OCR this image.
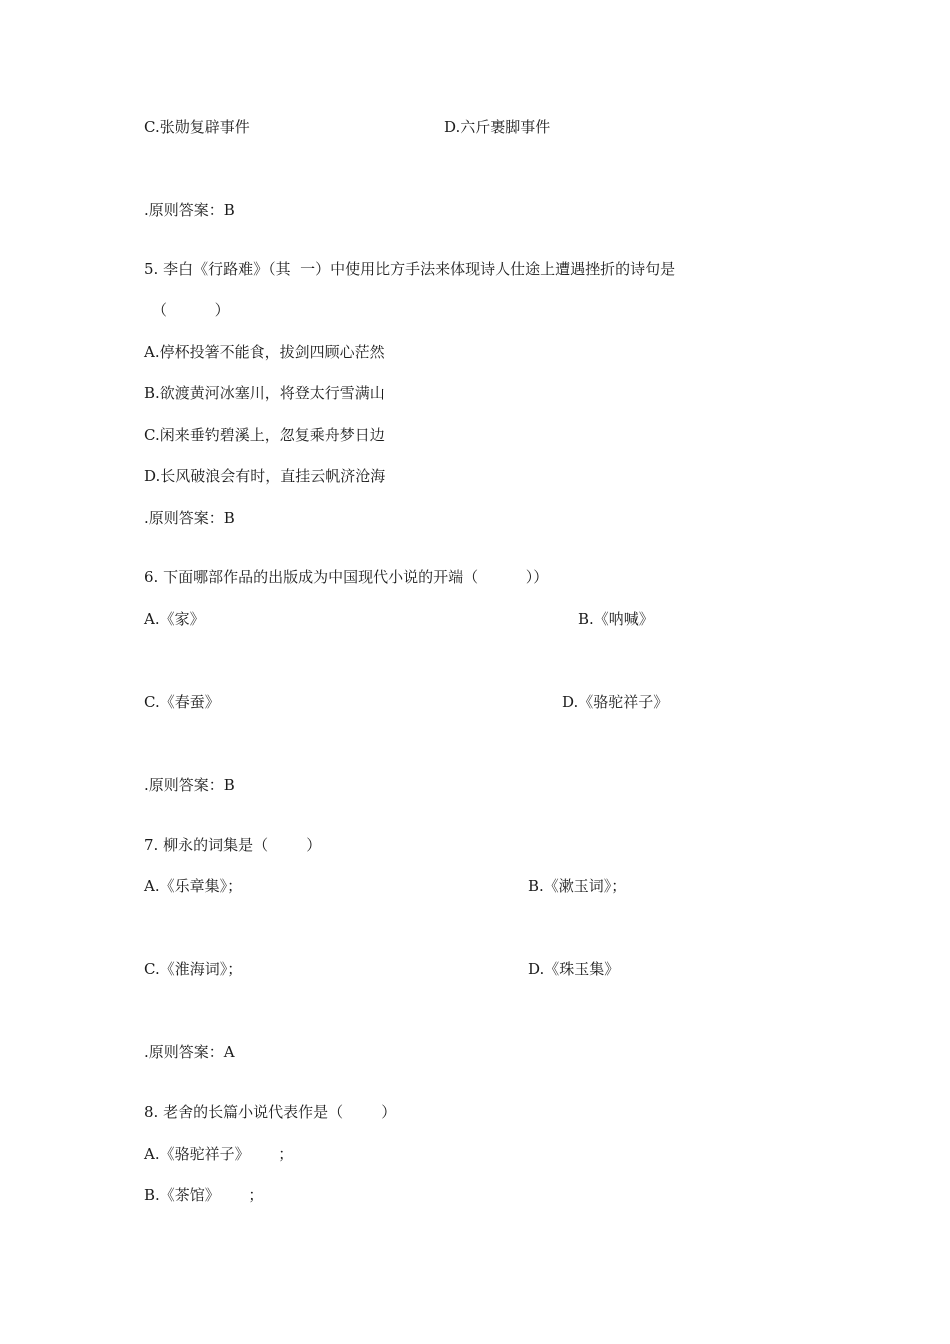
C.张勋复辟事件	D.六斤裹脚事件
.原则答案：B
5. 李白《行路难》（其  一）中使用比方手法来体现诗人仕途上遭遇挫折的诗句是
（          ）
A.停杯投箸不能食，拔剑四顾心茫然
B.欲渡黄河冰塞川，将登太行雪满山
C.闲来垂钓碧溪上，忽复乘舟梦日边
D.长风破浪会有时，直挂云帆济沧海
.原则答案：B
6. 下面哪部作品的出版成为中国现代小说的开端（          ））
A.《家》	B.《呐喊》
C.《春蚕》	D.《骆驼祥子》
.原则答案：B
7. 柳永的词集是（        ）
A.《乐章集》；	B.《漱玉词》；
C.《淮海词》；	D.《珠玉集》
.原则答案：A
8. 老舍的长篇小说代表作是（        ）
A.《骆驼祥子》      ；
B.《茶馆》      ；
